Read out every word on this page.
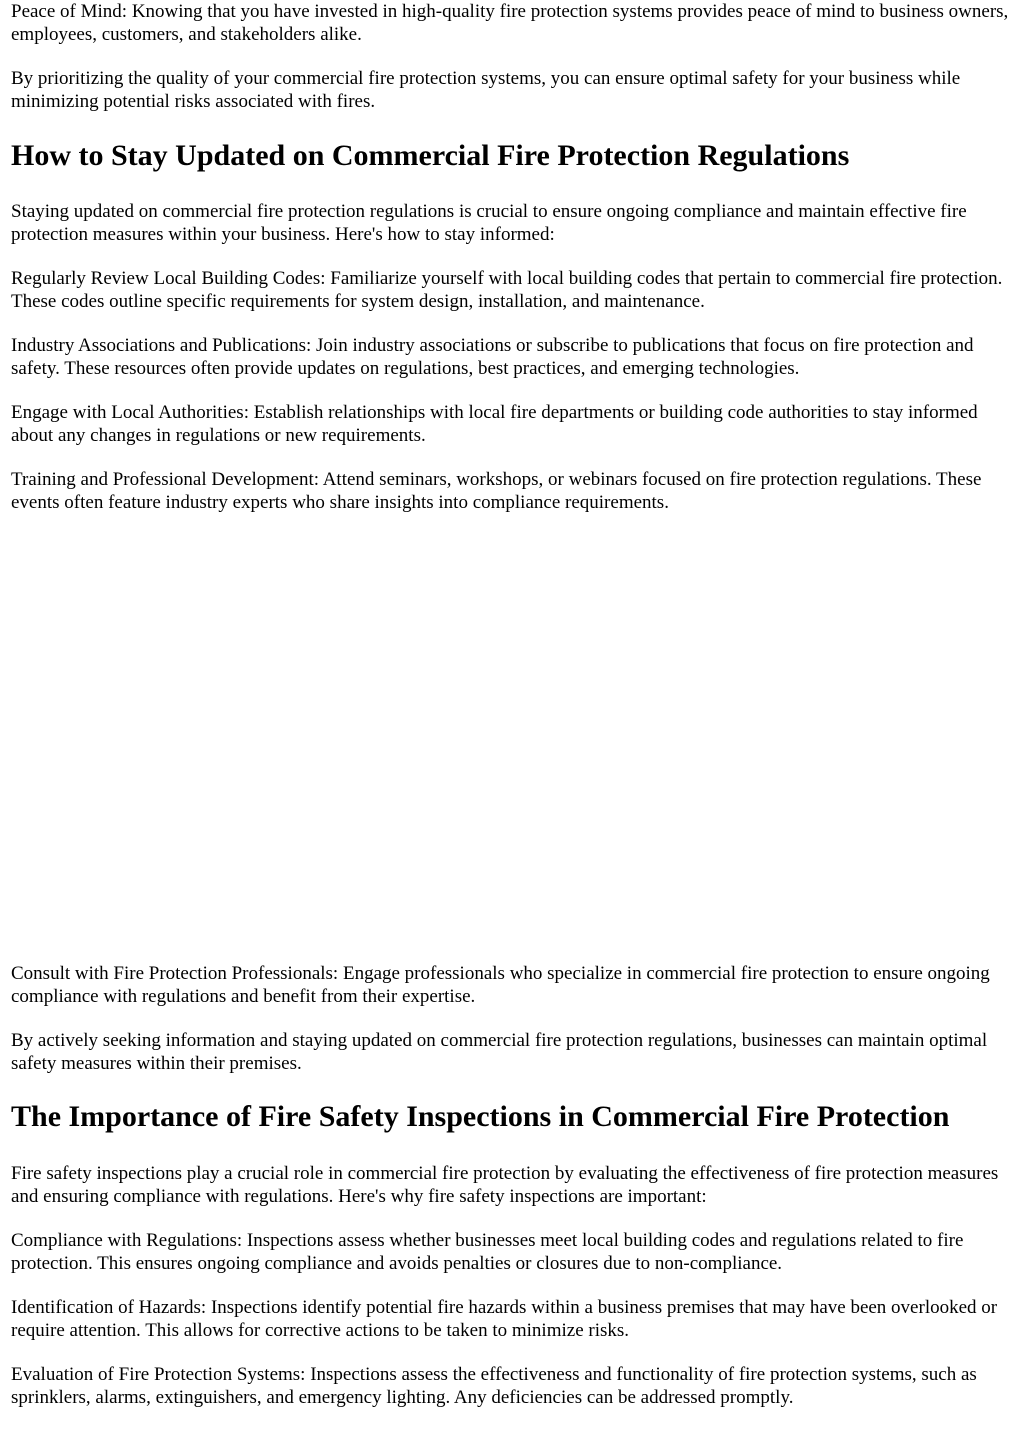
Peace of Mind: Knowing that you have invested in high-quality fire protection systems provides peace of mind to business owners, employees, customers, and stakeholders alike.

By prioritizing the quality of your commercial fire protection systems, you can ensure optimal safety for your business while minimizing potential risks associated with fires.

How to Stay Updated on Commercial Fire Protection Regulations

Staying updated on commercial fire protection regulations is crucial to ensure ongoing compliance and maintain effective fire protection measures within your business. Here's how to stay informed:

Regularly Review Local Building Codes: Familiarize yourself with local building codes that pertain to commercial fire protection. These codes outline specific requirements for system design, installation, and maintenance.

Industry Associations and Publications: Join industry associations or subscribe to publications that focus on fire protection and safety. These resources often provide updates on regulations, best practices, and emerging technologies.

Engage with Local Authorities: Establish relationships with local fire departments or building code authorities to stay informed about any changes in regulations or new requirements.

Training and Professional Development: Attend seminars, workshops, or webinars focused on fire protection regulations. These events often feature industry experts who share insights into compliance requirements.

Consult with Fire Protection Professionals: Engage professionals who specialize in commercial fire protection to ensure ongoing compliance with regulations and benefit from their expertise.

By actively seeking information and staying updated on commercial fire protection regulations, businesses can maintain optimal safety measures within their premises.

The Importance of Fire Safety Inspections in Commercial Fire Protection

Fire safety inspections play a crucial role in commercial fire protection by evaluating the effectiveness of fire protection measures and ensuring compliance with regulations. Here's why fire safety inspections are important:

Compliance with Regulations: Inspections assess whether businesses meet local building codes and regulations related to fire protection. This ensures ongoing compliance and avoids penalties or closures due to non-compliance.

Identification of Hazards: Inspections identify potential fire hazards within a business premises that may have been overlooked or require attention. This allows for corrective actions to be taken to minimize risks.

Evaluation of Fire Protection Systems: Inspections assess the effectiveness and functionality of fire protection systems, such as sprinklers, alarms, extinguishers, and emergency lighting. Any deficiencies can be addressed promptly.
